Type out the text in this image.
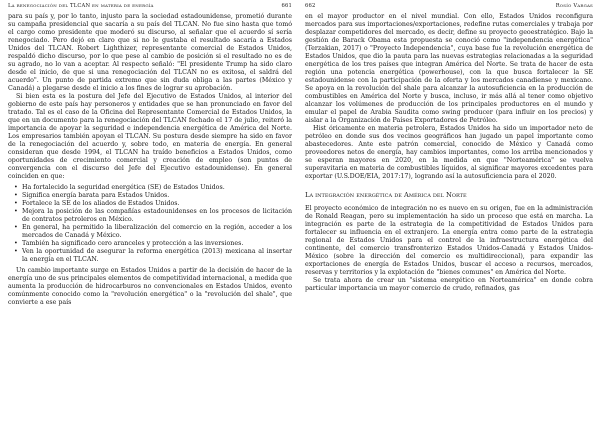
La renegociación del TLCAN en materia de energía	661

para su país y, por lo tanto, injusto para la sociedad estadounidense, prometió durante su campaña presidencial que sacaría a su país del TLCAN. No fue sino hasta que tomó el cargo como presidente que moderó su discurso, al señalar que el acuerdo sí sería renegociado. Pero dejó en claro que si no le gustaba el resultado sacaría a Estados Unidos del TLCAN. Robert Lighthizer, representante comercial de Estados Unidos, respaldó dicho discurso, por lo que pese al cambio de posición si el resultado no es de su agrado, no lo van a aceptar. Al respecto señaló: "El presidente Trump ha sido claro desde el inicio, de que si una renegociación del TLCAN no es exitosa, el saldrá del acuerdo". Un punto de partida extremo que sin duda obliga a las partes (México y Canadá) a plegarse desde el inicio a los fines de lograr su aprobación.

Si bien esta es la postura del Jefe del Ejecutivo de Estados Unidos, al interior del gobierno de este país hay personeros y entidades que se han pronunciado en favor del tratado. Tal es el caso de la Oficina del Representante Comercial de Estados Unidos, la que en un documento para la renegociación del TLCAN fechado el 17 de julio, reiteró la importancia de apoyar la seguridad e independencia energética de América del Norte. Los empresarios también apoyan el TLCAN. Su postura desde siempre ha sido en favor de la renegociación del acuerdo y, sobre todo, en materia de energía. En general consideran que desde 1994, el TLCAN ha traído beneficios a Estados Unidos, como oportunidades de crecimiento comercial y creación de empleo (son puntos de convergencia con el discurso del Jefe del Ejecutivo estadounidense). En general coinciden en que:

• Ha fortalecido la seguridad energética (SE) de Estados Unidos.
• Significa energía barata para Estados Unidos.
• Fortalece la SE de los aliados de Estados Unidos.
• Mejora la posición de las compañías estadounidenses en los procesos de licitación de contratos petroleros en México.
• En general, ha permitido la liberalización del comercio en la región, acceder a los mercados de Canadá y México.
• También ha significado cero aranceles y protección a las inversiones.
• Ven la oportunidad de asegurar la reforma energética (2013) mexicana al insertar la energía en el TLCAN.

Un cambio importante surge en Estados Unidos a partir de la decisión de hacer de la energía uno de sus principales elementos de competitividad internacional, a medida que aumenta la producción de hidrocarburos no convencionales en Estados Unidos, evento comúnmente conocido como la "revolución energética" o la "revolución del shale", que convierte a ese país

662	Rosío Vargas

en el mayor productor en el nivel mundial. Con ello, Estados Unidos reconfigura mercados para sus importaciones/exportaciones, redefine rutas comerciales y trabaja por desplazar competidores del mercado, es decir, define su proyecto geoestratégico. Bajo la gestión de Barack Obama esta propuesta se conoció como "independencia energética" (Terzakian, 2017) o "Proyecto Independencia", cuya base fue la revolución energética de Estados Unidos, que dio la pauta para las nuevas estrategias relacionadas a la seguridad energética de los tres países que integran América del Norte. Se trata de hacer de esta región una potencia energética (powerhouse), con la que busca fortalecer la SE estadounidense con la participación de la oferta y los mercados canadiense y mexicano. Se apoya en la revolución del shale para alcanzar la autosuficiencia en la producción de combustibles en América del Norte y busca, incluso, ir más allá al tener como objetivo alcanzar los volúmenes de producción de los principales productores en el mundo y emular el papel de Arabia Saudita como swing producer (para influir en los precios) y aislar a la Organización de Países Exportadores de Petróleo.

Hist óricamente en materia petrolera, Estados Unidos ha sido un importador neto de petróleo en donde sus dos vecinos geográficos han jugado un papel importante como abastecedores. Ante este patrón comercial, conocido de México y Canadá como proveedores netos de energía, hay cambios importantes, como los arriba mencionados y se esperan mayores en 2020, en la medida en que "Norteamérica" se vuelva superavitaria en materia de combustibles líquidos, al significar mayores excedentes para exportar (U.S.DOE/EIA, 2017:17), logrando así la autosuficiencia para el 2020.

La integración energética de América del Norte

El proyecto económico de integración no es nuevo en su origen, fue en la administración de Ronald Reagan, pero su implementación ha sido un proceso que está en marcha. La integración es parte de la estrategia de la competitividad de Estados Unidos para fortalecer su influencia en el extranjero. La energía entra como parte de la estrategia regional de Estados Unidos para el control de la infraestructura energética del continente, del comercio transfronterizo Estados Unidos-Canadá y Estados Unidos-México (sobre la dirección del comercio es multidireccional), para expandir las exportaciones de energía de Estados Unidos, buscar el acceso a recursos, mercados, reservas y territorios y la explotación de "bienes comunes" en América del Norte.

Se trata ahora de crear un "sistema energético en Norteamérica" en donde cobra particular importancia un mayor comercio de crudo, refinados, gas
